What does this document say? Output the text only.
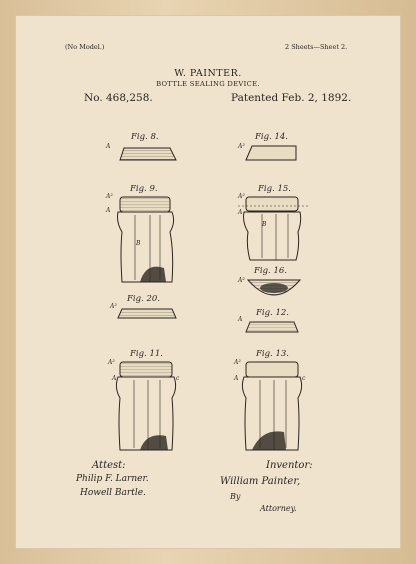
(No Model.)	2 Sheets—Sheet 2.
W. PAINTER.
BOTTLE SEALING DEVICE.
No. 468,258.	Patented Feb. 2, 1892.
Fig. 8.
A
Fig. 9.
A²
A
B
Fig. 20.
A²
Fig. 11.
A²
A	c
Fig. 14.
A²
Fig. 15.
A²
A
B
Fig. 16.
A²
Fig. 12.
A
Fig. 13.
A²
A	c
Attest:	Inventor:
Philip F. Larner.
Howell Bartle.
William Painter,
By
Attorney.
